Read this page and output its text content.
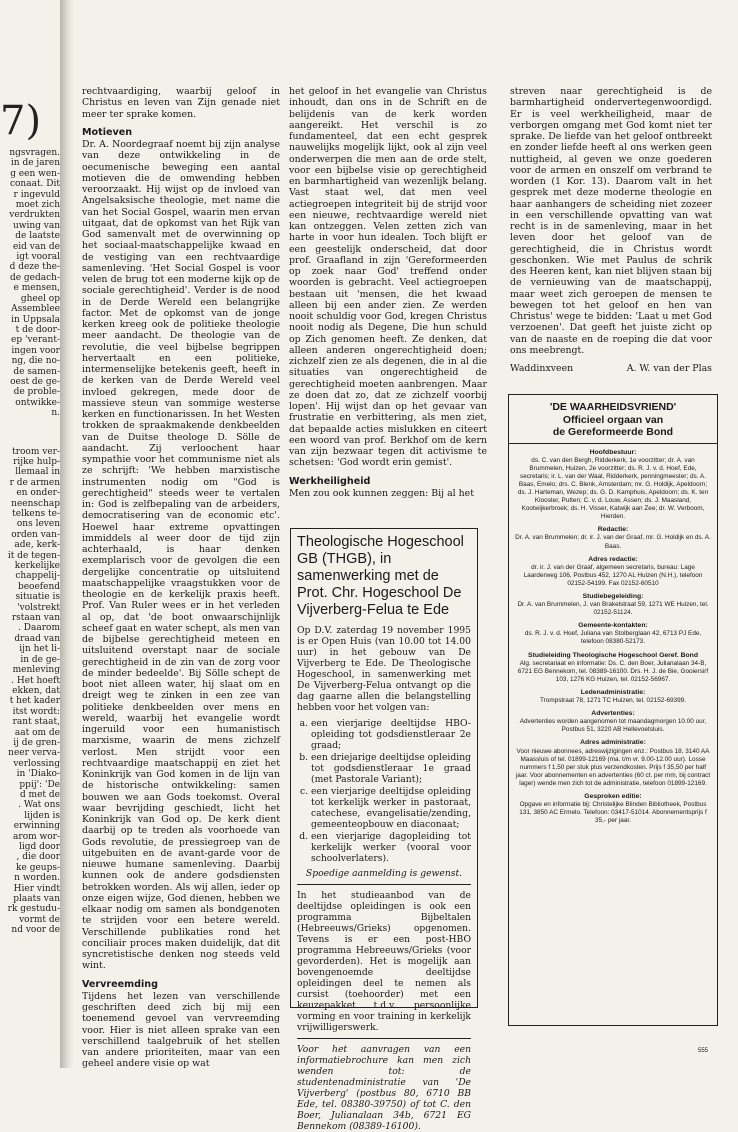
7)
ngsvragen.
in de jaren
g een wen-
conaat. Dit
r ingevuld
moet zich
verdrukten
uwing van
de laatste
eid van de
igt vooral
d deze the-
de gedach-
e mensen,
gheel op
Assemblee
in Uppsala
t de door-
ep 'verant-
ingen voor
ng, die no-
de samen-
oest de ge-
de proble-
ontwikke-
n.
troom ver-
rijke hulp-
llemaal in
r de armen
en onder-
neenschap
telkens te-
ons leven
orden van-
ade, kerk-
it de tegen-
kerkelijke
chappelij-
beoefend
situatie is
'volstrekt
rstaan van
. Daarom
draad van
ijn het li-
in de ge-
menleving
. Het hoeft
ekken, dat
t het kader
itst wordt:
rant staat,
aat om de
ij de gren-
neer verva-
verlossing
in 'Diako-
ppij': 'De
d met de
. Wat ons
lijden is
erwinning
arom wor-
ligd door
, die door
ke geups-
n worden.
Hier vindt
plaats van
rk gestudu-
vormt de
nd voor de

rechtvaardiging, waarbij geloof in Christus en leven van Zijn genade niet meer ter sprake komen.

Motieven

Dr. A. Noordegraaf noemt bij zijn analyse van deze ontwikkeling in de oecumenische beweging een aantal motieven die de omwending hebben veroorzaakt. Hij wijst op de invloed van Angelsaksische theologie, met name die van het Social Gospel, waarin men ervan uitgaat, dat de opkomst van het Rijk van God samenvalt met de overwinning op het sociaal-maatschappelijke kwaad en de vestiging van een rechtvaardige samenleving. 'Het Social Gospel is voor velen de brug tot een moderne kijk op de sociale gerechtigheid'. Verder is de nood in de Derde Wereld een belangrijke factor. Met de opkomst van de jonge kerken kreeg ook de politieke theologie meer aandacht. De theologie van de revolutie, die veel bijbelse begrippen hervertaalt en een politieke, intermenselijke betekenis geeft, heeft in de kerken van de Derde Wereld veel invloed gekregen, mede door de massieve steun van sommige westerse kerken en functionarissen. In het Westen trokken de spraakmakende denkbeelden van de Duitse theologe D. Sölle de aandacht. Zij verloochent haar sympathie voor het communisme niet als ze schrijft: 'We hebben marxistische instrumenten nodig om "God is gerechtigheid" steeds weer te vertalen in: God is zelfbepaling van de arbeiders, democratisering van de economic etc'. Hoewel haar extreme opvattingen immiddels al weer door de tijd zijn achterhaald, is haar denken exemplarisch voor de gevolgen die een dergelijke concentratie op uitsluitend maatschappelijke vraagstukken voor de theologie en de kerkelijk praxis heeft. Prof. Van Ruler wees er in het verleden al op, dat 'de boot onwaarschijnlijk scheef gaat en water schept, als men van de bijbelse gerechtigheid meteen en uitsluitend overstapt naar de sociale gerechtigheid in de zin van de zorg voor de minder bedeelde'. Bij Sölle schept de boot niet alleen water, hij slaat om en dreigt weg te zinken in een zee van politieke denkbeelden over mens en wereld, waarbij het evangelie wordt ingeruild voor een humanistisch marxisme, waarin de mens zichzelf verlost. Men strijdt voor een rechtvaardige maatschappij en ziet het Koninkrijk van God komen in de lijn van de historische ontwikkeling: samen bouwen we aan Gods toekomst. Overal waar bevrijding geschiedt, licht het Koninkrijk van God op. De kerk dient daarbij op te treden als voorhoede van Gods revolutie, de pressiegroep van de uitgebuiten en de avant-garde voor de nieuwe humane samenleving. Daarbij kunnen ook de andere godsdiensten betrokken worden. Als wij allen, ieder op onze eigen wijze, God dienen, hebben we elkaar nodig om samen als bondgenoten te strijden voor een betere wereld. Verschillende publikaties rond het conciliair proces maken duidelijk, dat dit syncretistische denken nog steeds veld wint.

Vervreemding

Tijdens het lezen van verschillende geschriften deed zich bij mij een toenemend gevoel van vervreemding voor. Hier is niet alleen sprake van een verschillend taalgebruik of het stellen van andere prioriteiten, maar van een geheel andere visie op wat

het geloof in het evangelie van Christus inhoudt, dan ons in de Schrift en de belijdenis van de kerk worden aangereikt. Het verschil is zo fundamenteel, dat een echt gesprek nauwelijks mogelijk lijkt, ook al zijn veel onderwerpen die men aan de orde stelt, voor een bijbelse visie op gerechtigheid en barmhartigheid van wezenlijk belang. Vast staat wel, dat men veel actiegroepen integriteit bij de strijd voor een nieuwe, rechtvaardige wereld niet kan ontzeggen. Velen zetten zich van harte in voor hun idealen. Toch blijft er een geestelijk onderscheid, dat door prof. Graafland in zijn 'Gereformeerden op zoek naar God' treffend onder woorden is gebracht. Veel actiegroepen bestaan uit 'mensen, die het kwaad alleen bij een ander zien. Ze werden nooit schuldig voor God, kregen Christus nooit nodig als Degene, Die hun schuld op Zich genomen heeft. Ze denken, dat alleen anderen ongerechtigheid doen; zichzelf zien ze als degenen, die in al die situaties van ongerechtigheid de gerechtigheid moeten aanbrengen. Maar ze doen dat zo, dat ze zichzelf voorbij lopen'. Hij wijst dan op het gevaar van frustratie en verbittering, als men ziet, dat bepaalde acties mislukken en citeert een woord van prof. Berkhof om de kern van zijn bezwaar tegen dit activisme te schetsen: 'God wordt erin gemist'.

Werkheiligheid

Men zou ook kunnen zeggen: Bij al het

streven naar gerechtigheid is de barmhartigheid ondervertegenwoordigd. Er is veel werkheiligheid, maar de verborgen omgang met God komt niet ter sprake. De liefde van het geloof ontbreekt en zonder liefde heeft al ons werken geen nuttigheid, al geven we onze goederen voor de armen en onszelf om verbrand te worden (1 Kor. 13). Daarom valt in het gesprek met deze moderne theologie en haar aanhangers de scheiding niet zozeer in een verschillende opvatting van wat recht is in de samenleving, maar in het leven door het geloof van de gerechtigheid, die in Christus wordt geschonken. Wie met Paulus de schrik des Heeren kent, kan niet blijven staan bij de vernieuwing van de maatschappij, maar weet zich geroepen de mensen te bewegen tot het geloof en hen van Christus' wege te bidden: 'Laat u met God verzoenen'. Dat geeft het juiste zicht op van de naaste en de roeping die dat voor ons meebrengt.

Waddinxveen	A. W. van der Plas
Theologische Hogeschool GB (THGB), in samenwerking met de Prot. Chr. Hogeschool De Vijverberg-Felua te Ede

Op D.V. zaterdag 19 november 1995 is er Open Huis (van 10.00 tot 14.00 uur) in het gebouw van De Vijverberg te Ede. De Theologische Hogeschool, in samenwerking met De Vijverberg-Felua ontvangt op die dag gaarne allen die belangstelling hebben voor het volgen van:

a. een vierjarige deeltijdse HBO-opleiding tot godsdienstleraar 2e graad;
b. een driejarige deeltijdse opleiding tot godsdienstleraar 1e graad (met Pastorale Variant);
c. een vierjarige deeltijdse opleiding tot kerkelijk werker in pastoraat, catechese, evangelisatie/zending, gemeenteopbouw en diaconaat;
d. een vierjarige dagopleiding tot kerkelijk werker (vooral voor schoolverlaters).
Spoedige aanmelding is gewenst.

In het studieaanbod van de deeltijdse opleidingen is ook een programma Bijbeltalen (Hebreeuws/Grieks) opgenomen. Tevens is er een post-HBO programma Hebreeuws/Grieks (voor gevorderden). Het is mogelijk aan bovengenoemde deeltijdse opleidingen deel te nemen als cursist (toehoorder) met een keuzepakket t.d.v. persoonlijke vorming en voor training in kerkelijk vrijwilligerswerk.

Voor het aanvragen van een informatiebrochure kan men zich wenden tot: de studentenadministratie van 'De Vijverberg' (postbus 80, 6710 BB Ede, tel. 08380-39750) of tot C. den Boer, Julianalaan 34b, 6721 EG Bennekom (08389-16100).

'DE WAARHEIDSVRIEND'
Officieel orgaan van
de Gereformeerde Bond
Hoofdbestuur:

ds. C. van den Bergh, Ridderkerk, 1e voorzitter; dr. A. van Brummelen, Huizen, 2e voorzitter; ds. R. J. v. d. Hoef, Ede, secretaris; ir. L. van der Waal, Ridderkerk, penningmeester; ds. A. Baas, Emelo; drs. C. Blenk, Amsterdam; mr. G. Holdijk, Apeldoorn; ds. J. Harteman, Wezep; ds. G. D. Kamphuis, Apeldoorn; ds. K. ten Klooster, Putten; C. v. d. Louw, Assen; ds. J. Maasland, Kootwijkerbroek; ds. H. Visser, Katwijk aan Zee; dr. W. Verboom, Hierden.

Redactie:

Dr. A. van Brummelen; dr. ir. J. van der Graaf, mr. G. Holdijk en ds. A. Baas.

Adres redactie:

dr. ir. J. van der Graaf, algemeen secretaris, bureau: Lage Laarderweg 106, Postbus 452, 1270 AL Huizen (N.H.), telefoon 02152-54199. Fax 02152-60510

Studiebegeleiding:

Dr. A. van Brummelen, J. van Brakelstraat 59, 1271 WE Huizen, tel. 02152-51124.

Gemeente-kontakten:

ds. R. J. v. d. Hoef, Juliana van Stolberglaan 42, 6713 PJ Ede, telefoon 08380-52173.

Studieleiding Theologische Hogeschool Geref. Bond

Alg. secretariaat en informatie: Ds. C. den Boer, Julianalaan 34-B, 6721 EG Bennekom, tel. 08389-16100. Drs. H. J. de Bie, Gooiersirf 103, 1276 KG Huizen, tel. 02152-56967.

Ledenadministratie:

Trompstraat 78, 1271 TC Huizen, tel. 02152-69399.

Advertenties:

Advertenties worden aangenomen tot maandagmorgen 10.00 uur, Postbus 51, 3220 AB Hellevoetsluis.

Adres administratie:

Voor nieuwe abonnees, adreswijzigingen enz.: Postbus 18, 3140 AA Maassluis of tel. 01899-12169 (ma. t/m vr. 9.00-12.00 uur). Losse nummers f 1,50 per stuk plus verzendkosten. Prijs f 35,50 per half jaar. Voor abonnementen en advertenties (60 ct. per mm, bij contract lager) wende men zich tot de administratie, telefoon 01899-12169.

Gesproken editie:

Opgave en informatie bij: Christelijke Blinden Bibliotheek, Postbus 131, 3850 AC Ermelo. Telefoon: 03417-51014. Abonnementsprijs f 35,- per jaar.

555
